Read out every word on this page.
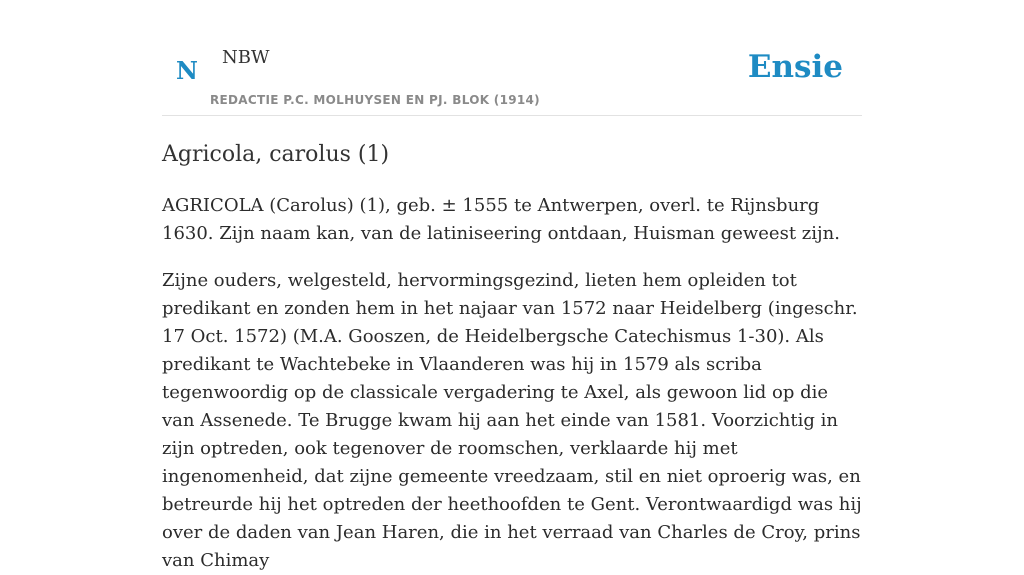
N NBW
REDACTIE P.C. MOLHUYSEN EN PJ. BLOK (1914)
Ensie
Agricola, carolus (1)

AGRICOLA (Carolus) (1), geb. ± 1555 te Antwerpen, overl. te Rijnsburg 1630. Zijn naam kan, van de latiniseering ontdaan, Huisman geweest zijn.

Zijne ouders, welgesteld, hervormingsgezind, lieten hem opleiden tot predikant en zonden hem in het najaar van 1572 naar Heidelberg (ingeschr. 17 Oct. 1572) (M.A. Gooszen, de Heidelbergsche Catechismus 1-30). Als predikant te Wachtebeke in Vlaanderen was hij in 1579 als scriba tegenwoordig op de classicale vergadering te Axel, als gewoon lid op die van Assenede. Te Brugge kwam hij aan het einde van 1581. Voorzichtig in zijn optreden, ook tegenover de roomschen, verklaarde hij met ingenomenheid, dat zijne gemeente vreedzaam, stil en niet oproerig was, en betreurde hij het optreden der heethoofden te Gent. Verontwaardigd was hij over de daden van Jean Haren, die in het verraad van Charles de Croy, prins van Chimay
